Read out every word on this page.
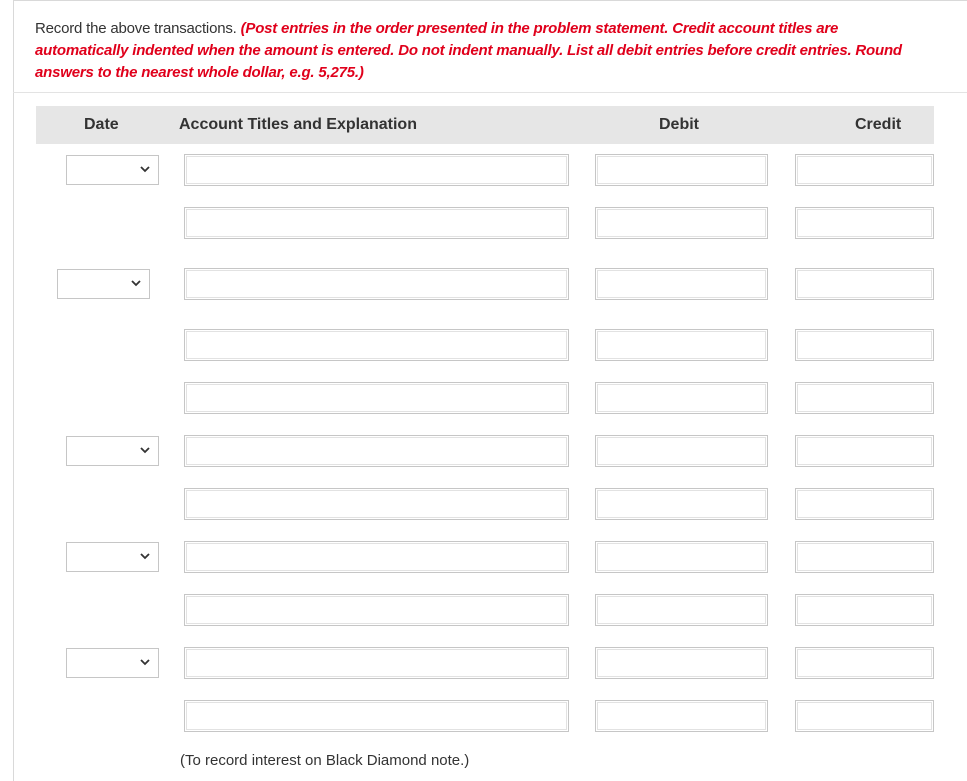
Record the above transactions. (Post entries in the order presented in the problem statement. Credit account titles are automatically indented when the amount is entered. Do not indent manually. List all debit entries before credit entries. Round answers to the nearest whole dollar, e.g. 5,275.)
Date	Account Titles and Explanation	Debit	Credit
(To record interest on Black Diamond note.)
